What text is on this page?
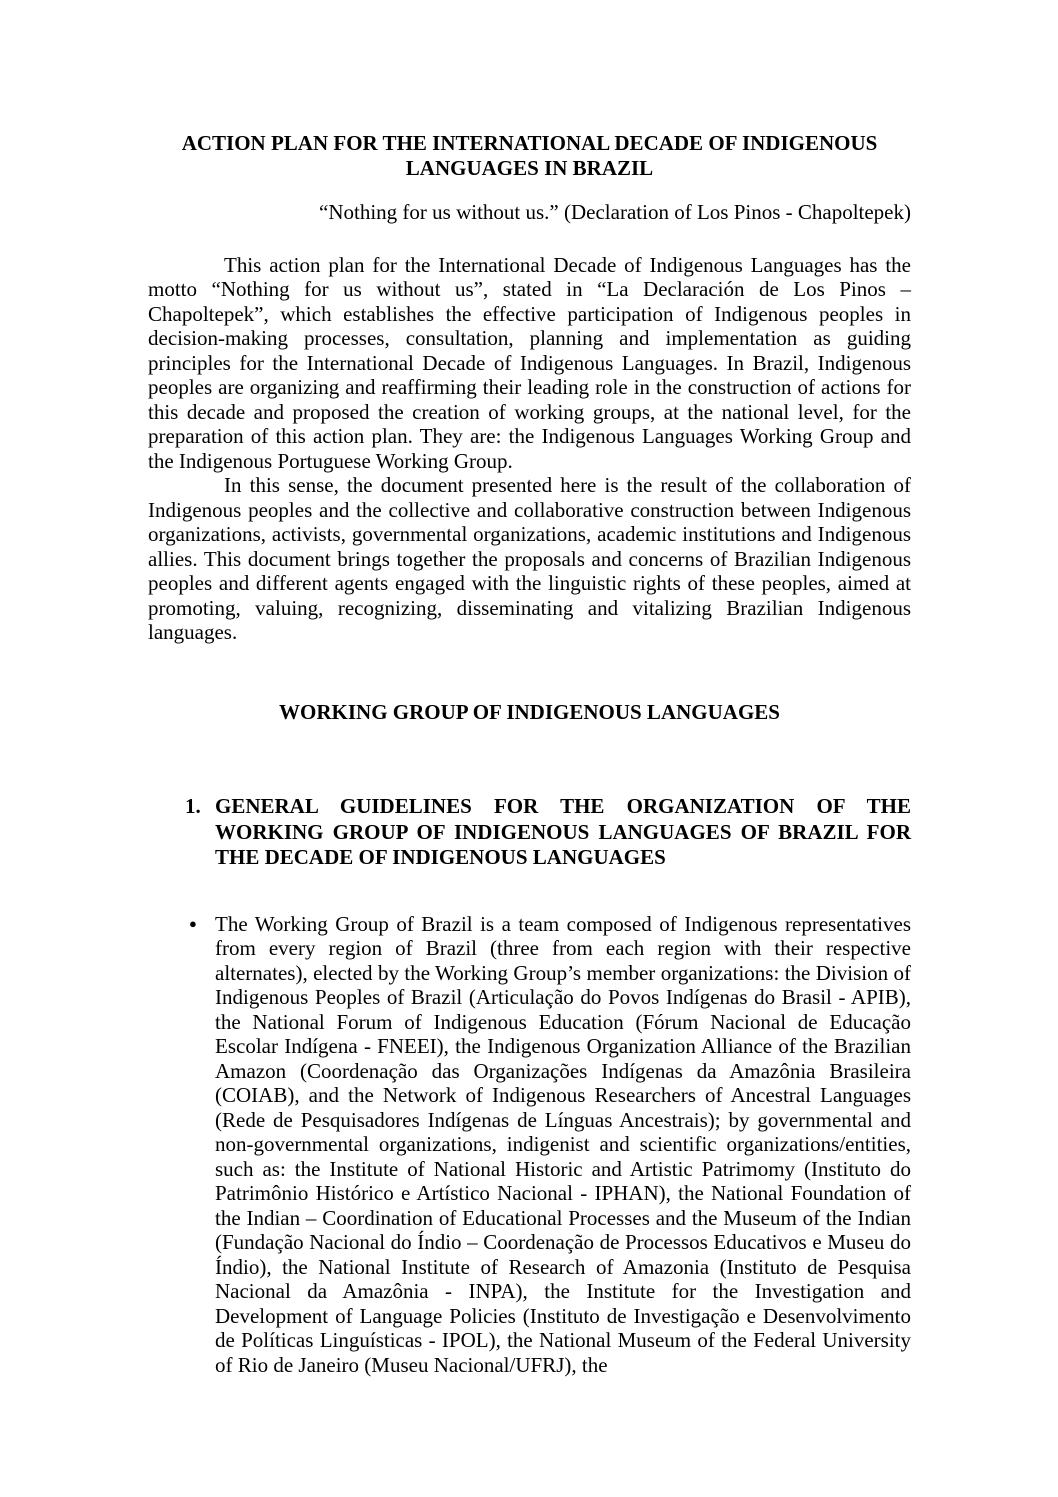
ACTION PLAN FOR THE INTERNATIONAL DECADE OF INDIGENOUS
LANGUAGES IN BRAZIL
“Nothing for us without us.” (Declaration of Los Pinos - Chapoltepek)

This action plan for the International Decade of Indigenous Languages has the motto “Nothing for us without us”, stated in “La Declaración de Los Pinos – Chapoltepek”, which establishes the effective participation of Indigenous peoples in decision-making processes, consultation, planning and implementation as guiding principles for the International Decade of Indigenous Languages. In Brazil, Indigenous peoples are organizing and reaffirming their leading role in the construction of actions for this decade and proposed the creation of working groups, at the national level, for the preparation of this action plan. They are: the Indigenous Languages Working Group and the Indigenous Portuguese Working Group.

In this sense, the document presented here is the result of the collaboration of Indigenous peoples and the collective and collaborative construction between Indigenous organizations, activists, governmental organizations, academic institutions and Indigenous allies. This document brings together the proposals and concerns of Brazilian Indigenous peoples and different agents engaged with the linguistic rights of these peoples, aimed at promoting, valuing, recognizing, disseminating and vitalizing Brazilian Indigenous languages.

WORKING GROUP OF INDIGENOUS LANGUAGES
1. GENERAL GUIDELINES FOR THE ORGANIZATION OF THE WORKING GROUP OF INDIGENOUS LANGUAGES OF BRAZIL FOR THE DECADE OF INDIGENOUS LANGUAGES
● The Working Group of Brazil is a team composed of Indigenous representatives from every region of Brazil (three from each region with their respective alternates), elected by the Working Group’s member organizations: the Division of Indigenous Peoples of Brazil (Articulação do Povos Indígenas do Brasil - APIB), the National Forum of Indigenous Education (Fórum Nacional de Educação Escolar Indígena - FNEEI), the Indigenous Organization Alliance of the Brazilian Amazon (Coordenação das Organizações Indígenas da Amazônia Brasileira (COIAB), and the Network of Indigenous Researchers of Ancestral Languages (Rede de Pesquisadores Indígenas de Línguas Ancestrais); by governmental and non-governmental organizations, indigenist and scientific organizations/entities, such as: the Institute of National Historic and Artistic Patrimomy (Instituto do Patrimônio Histórico e Artístico Nacional - IPHAN), the National Foundation of the Indian – Coordination of Educational Processes and the Museum of the Indian (Fundação Nacional do Índio – Coordenação de Processos Educativos e Museu do Índio), the National Institute of Research of Amazonia (Instituto de Pesquisa Nacional da Amazônia - INPA), the Institute for the Investigation and Development of Language Policies (Instituto de Investigação e Desenvolvimento de Políticas Linguísticas - IPOL), the National Museum of the Federal University of Rio de Janeiro (Museu Nacional/UFRJ), the
